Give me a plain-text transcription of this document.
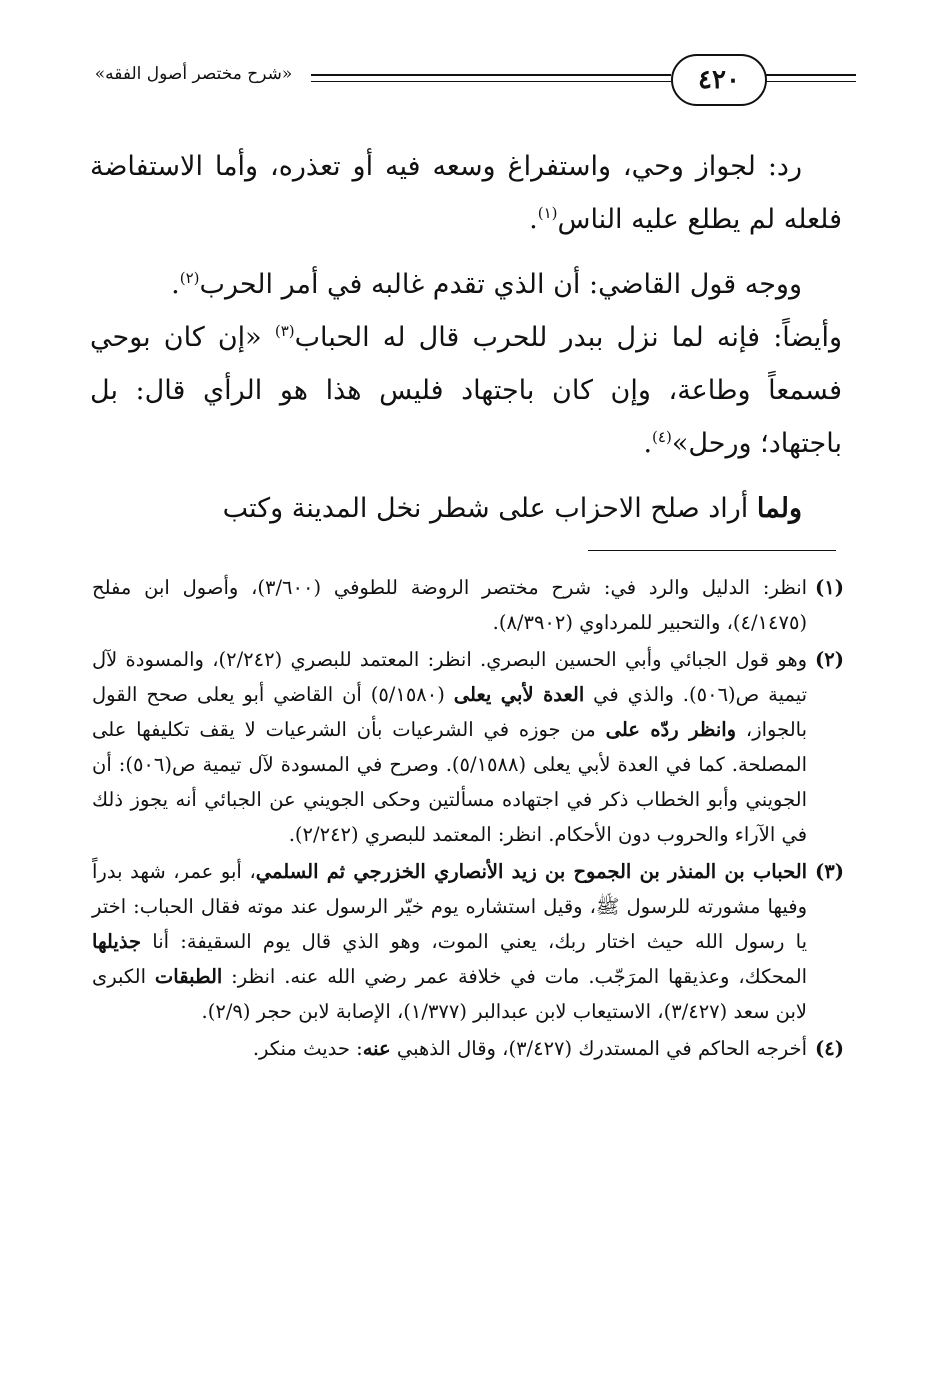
٤٢٠
«شرح مختصر أصول الفقه»

رد: لجواز وحي، واستفراغ وسعه فيه أو تعذره، وأما الاستفاضة فلعله لم يطلع عليه الناس$^{(١)}$.

ووجه قول القاضي: أن الذي تقدم غالبه في أمر الحرب$^{(٢)}$.
وأيضاً: فإنه لما نزل ببدر للحرب قال له الحباب$^{(٣)}$ «إن كان بوحي فسمعاً وطاعة، وإن كان باجتهاد فليس هذا هو الرأي قال: بل باجتهاد؛ ورحل»$^{(٤)}$.

ولما أراد صلح الاحزاب على شطر نخل المدينة وكتب

(١)
انظر: الدليل والرد في: شرح مختصر الروضة للطوفي (٣/٦٠٠)، وأصول ابن مفلح (٤/١٤٧٥)، والتحبير للمرداوي (٨/٣٩٠٢).
(٢)
وهو قول الجبائي وأبي الحسين البصري. انظر: المعتمد للبصري (٢/٢٤٢)، والمسودة لآل تيمية ص(٥٠٦). والذي في العدة لأبي يعلى (٥/١٥٨٠) أن القاضي أبو يعلى صحح القول بالجواز، وانظر ردّه على من جوزه في الشرعيات بأن الشرعيات لا يقف تكليفها على المصلحة. كما في العدة لأبي يعلى (٥/١٥٨٨). وصرح في المسودة لآل تيمية ص(٥٠٦): أن الجويني وأبو الخطاب ذكر في اجتهاده مسألتين وحكى الجويني عن الجبائي أنه يجوز ذلك في الآراء والحروب دون الأحكام. انظر: المعتمد للبصري (٢/٢٤٢).
(٣)
الحباب بن المنذر بن الجموح بن زيد الأنصاري الخزرجي ثم السلمي، أبو عمر، شهد بدراً وفيها مشورته للرسول ﷺ، وقيل استشاره يوم خيّر الرسول عند موته فقال الحباب: اختر يا رسول الله حيث اختار ربك، يعني الموت، وهو الذي قال يوم السقيفة: أنا جذيلها المحكك، وعذيقها المرَجّب. مات في خلافة عمر رضي الله عنه. انظر: الطبقات الكبرى لابن سعد (٣/٤٢٧)، الاستيعاب لابن عبدالبر (١/٣٧٧)، الإصابة لابن حجر (٢/٩).
(٤)
أخرجه الحاكم في المستدرك (٣/٤٢٧)، وقال الذهبي عنه: حديث منكر.
